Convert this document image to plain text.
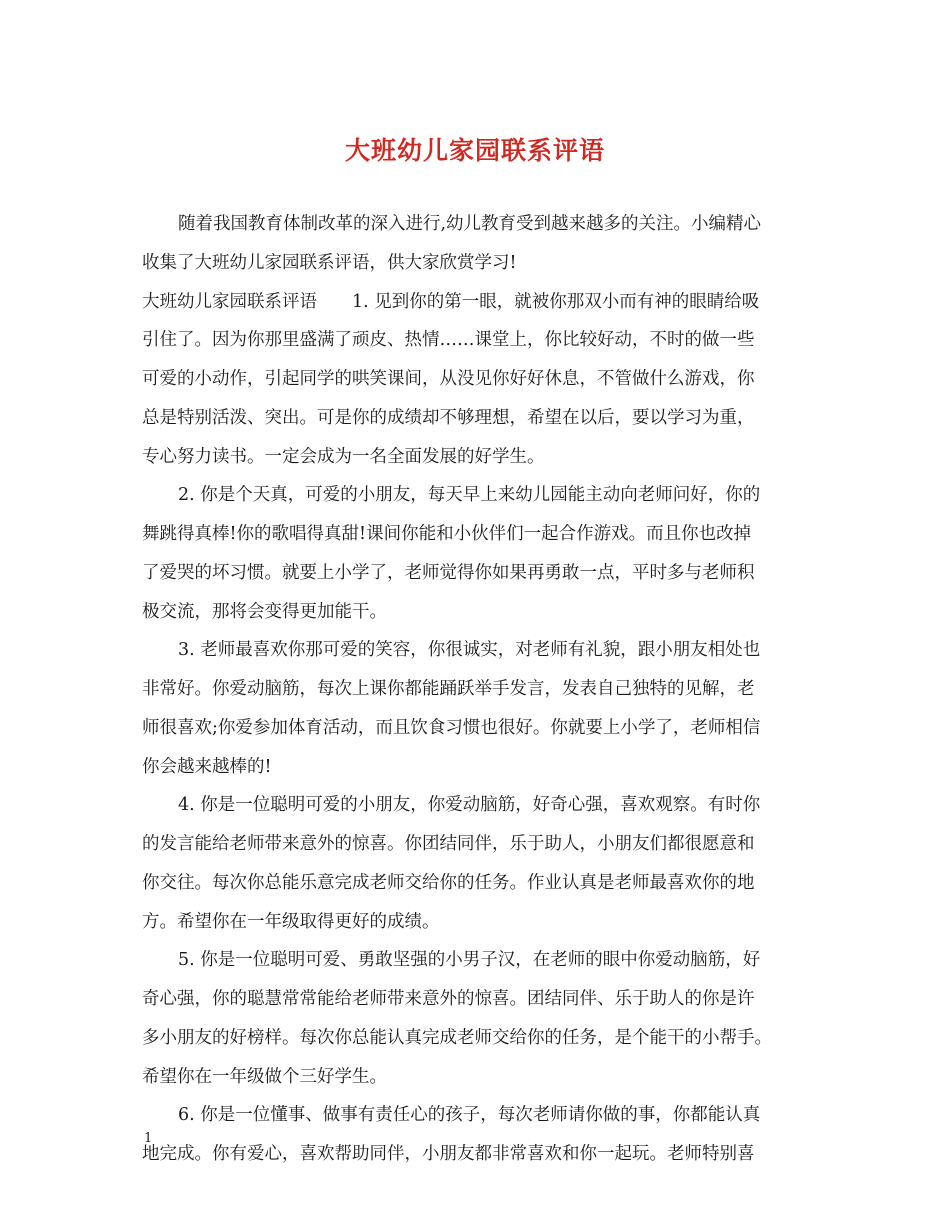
大班幼儿家园联系评语
随着我国教育体制改革的深入进行,幼儿教育受到越来越多的关注。小编精心
收集了大班幼儿家园联系评语，供大家欣赏学习!
大班幼儿家园联系评语　　1. 见到你的第一眼，就被你那双小而有神的眼睛给吸
引住了。因为你那里盛满了顽皮、热情……课堂上，你比较好动，不时的做一些
可爱的小动作，引起同学的哄笑课间，从没见你好好休息，不管做什么游戏，你
总是特别活泼、突出。可是你的成绩却不够理想，希望在以后，要以学习为重，
专心努力读书。一定会成为一名全面发展的好学生。
2. 你是个天真，可爱的小朋友，每天早上来幼儿园能主动向老师问好，你的
舞跳得真棒!你的歌唱得真甜!课间你能和小伙伴们一起合作游戏。而且你也改掉
了爱哭的坏习惯。就要上小学了，老师觉得你如果再勇敢一点，平时多与老师积
极交流，那将会变得更加能干。
3. 老师最喜欢你那可爱的笑容，你很诚实，对老师有礼貌，跟小朋友相处也
非常好。你爱动脑筋，每次上课你都能踊跃举手发言，发表自己独特的见解，老
师很喜欢;你爱参加体育活动，而且饮食习惯也很好。你就要上小学了，老师相信
你会越来越棒的!
4. 你是一位聪明可爱的小朋友，你爱动脑筋，好奇心强，喜欢观察。有时你
的发言能给老师带来意外的惊喜。你团结同伴，乐于助人，小朋友们都很愿意和
你交往。每次你总能乐意完成老师交给你的任务。作业认真是老师最喜欢你的地
方。希望你在一年级取得更好的成绩。
5. 你是一位聪明可爱、勇敢坚强的小男子汉，在老师的眼中你爱动脑筋，好
奇心强，你的聪慧常常能给老师带来意外的惊喜。团结同伴、乐于助人的你是许
多小朋友的好榜样。每次你总能认真完成老师交给你的任务，是个能干的小帮手。
希望你在一年级做个三好学生。
6. 你是一位懂事、做事有责任心的孩子，每次老师请你做的事，你都能认真
地完成。你有爱心，喜欢帮助同伴，小朋友都非常喜欢和你一起玩。老师特别喜
1
